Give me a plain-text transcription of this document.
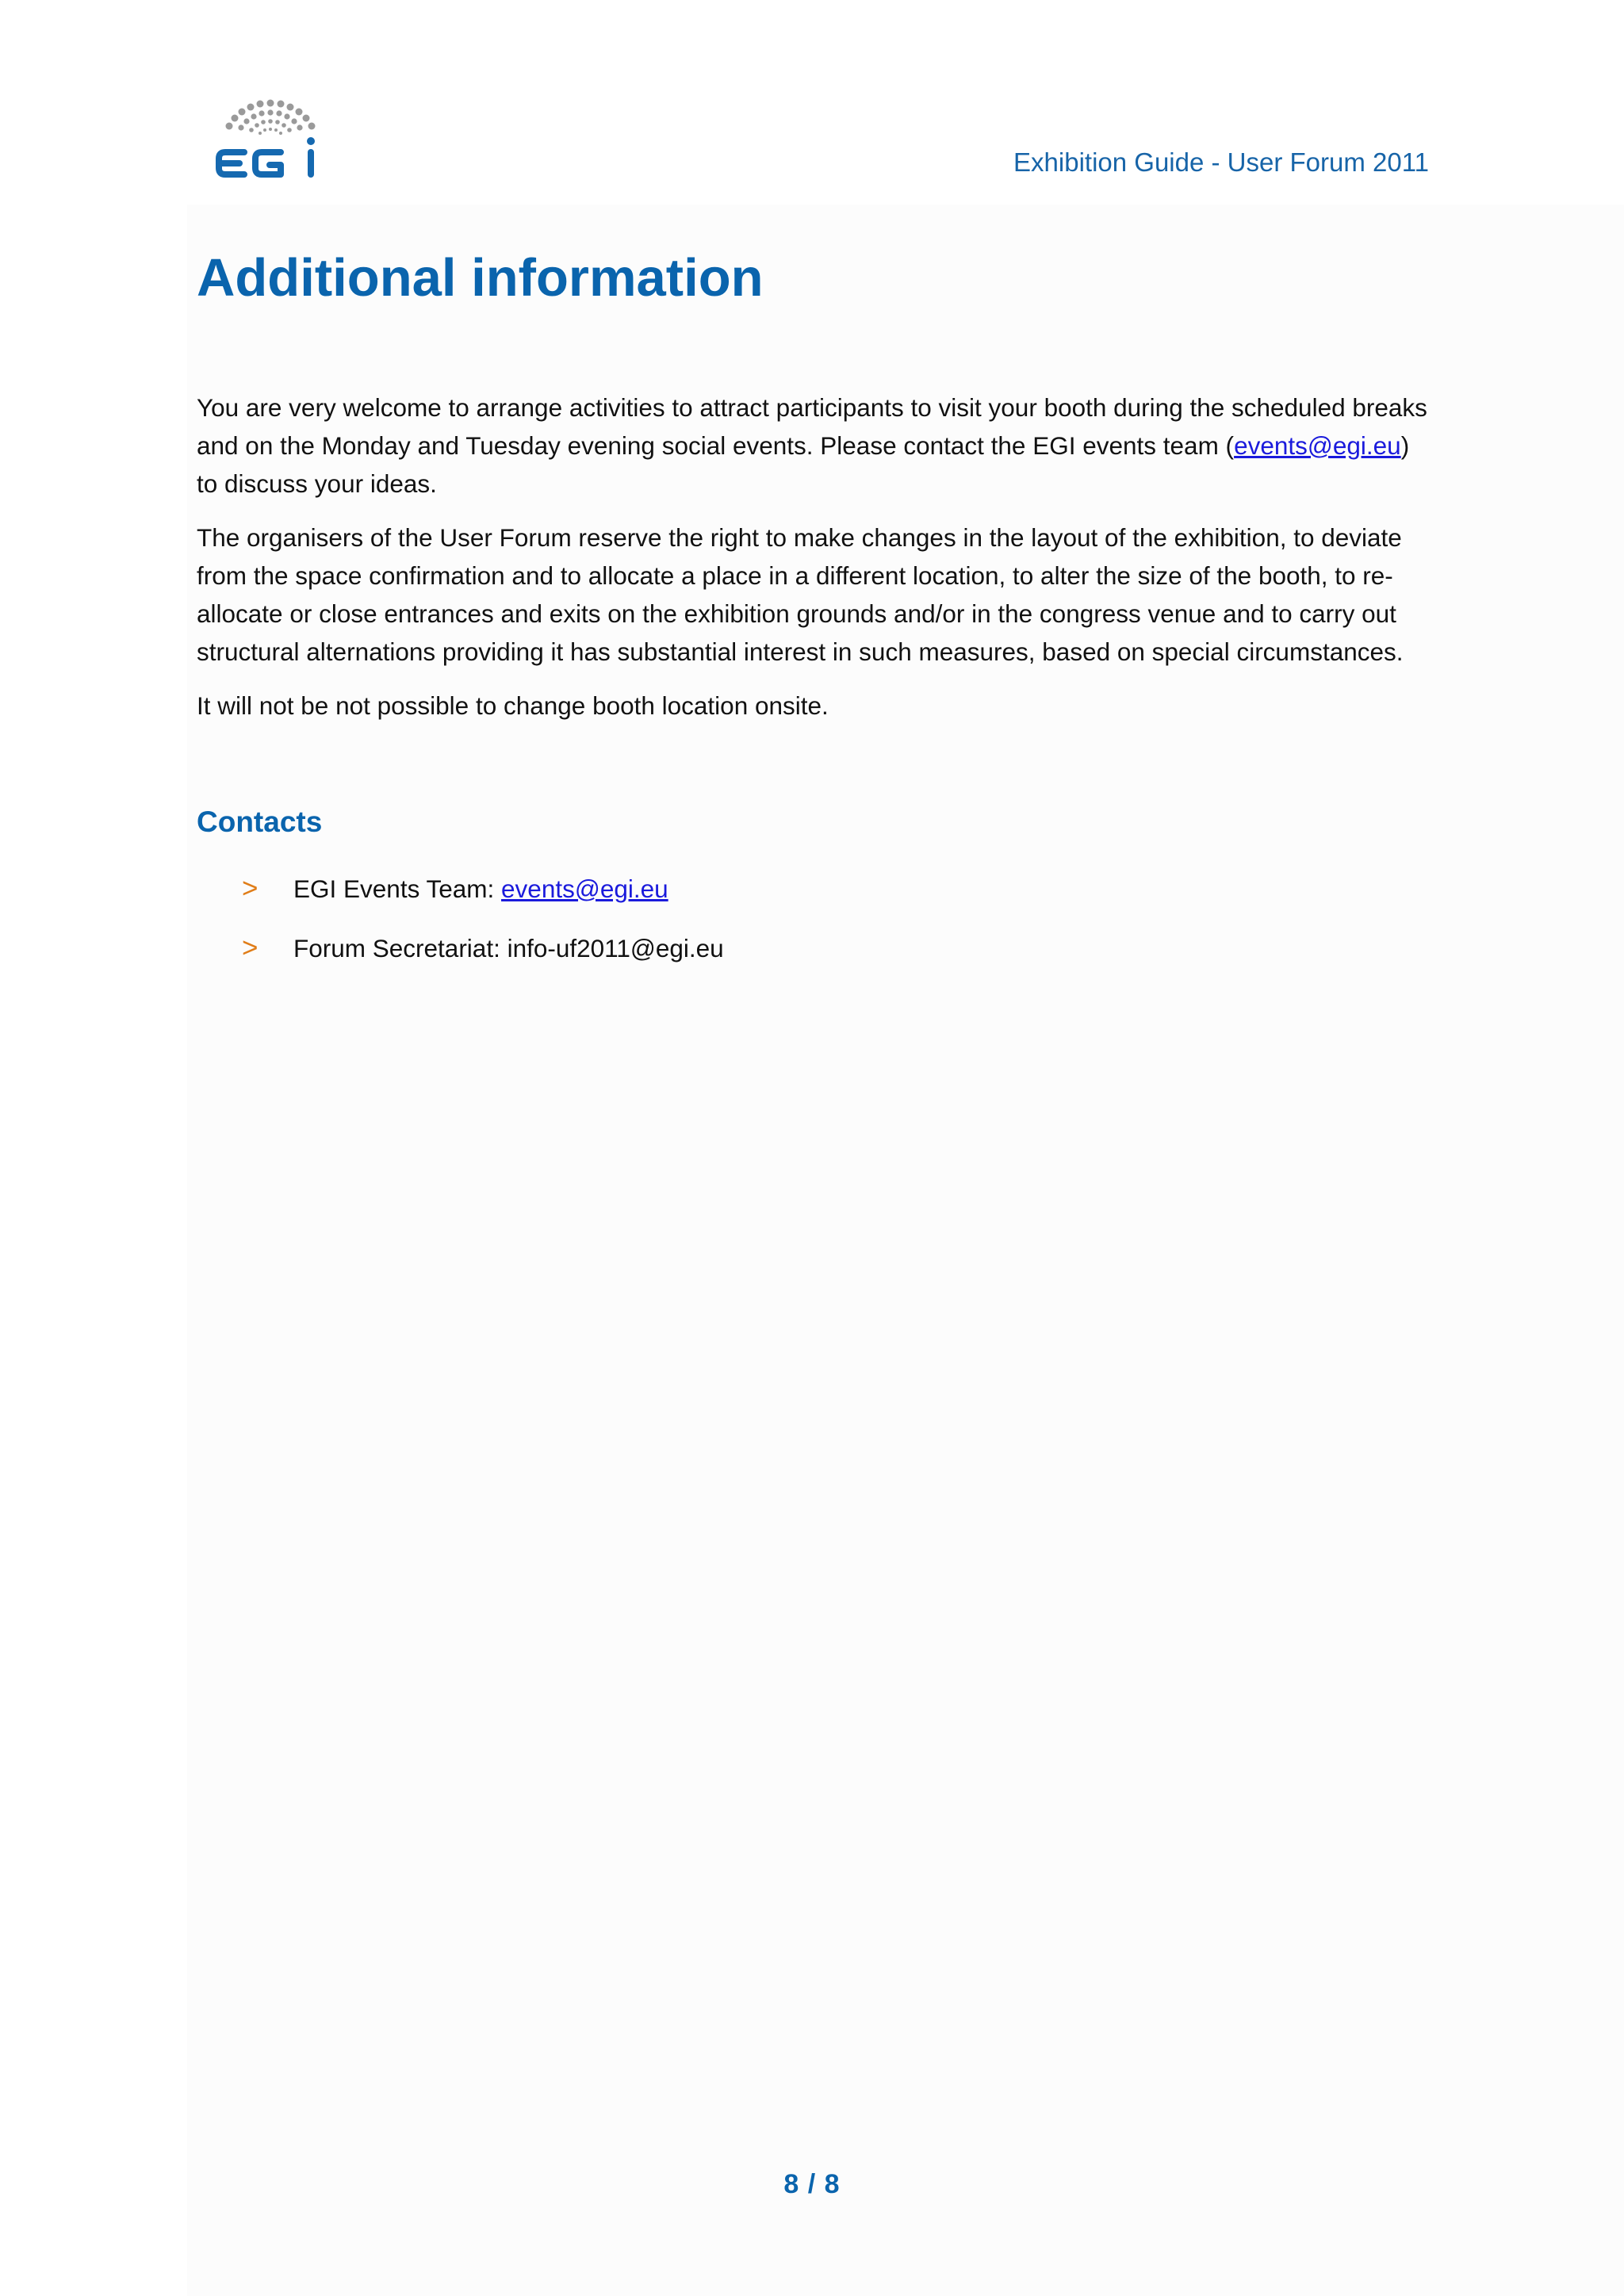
Exhibition Guide - User Forum 2011
Additional information

You are very welcome to arrange activities to attract participants to visit your booth during the scheduled breaks and on the Monday and Tuesday evening social events. Please contact the EGI events team (events@egi.eu) to discuss your ideas.

The organisers of the User Forum reserve the right to make changes in the layout of the exhibition, to deviate from the space confirmation and to allocate a place in a different location, to alter the size of the booth, to re-allocate or close entrances and exits on the exhibition grounds and/or in the congress venue and to carry out structural alternations providing it has substantial interest in such measures, based on special circumstances.

It will not be not possible to change booth location onsite.

Contacts
> EGI Events Team: events@egi.eu
> Forum Secretariat: info-uf2011@egi.eu
8 / 8
